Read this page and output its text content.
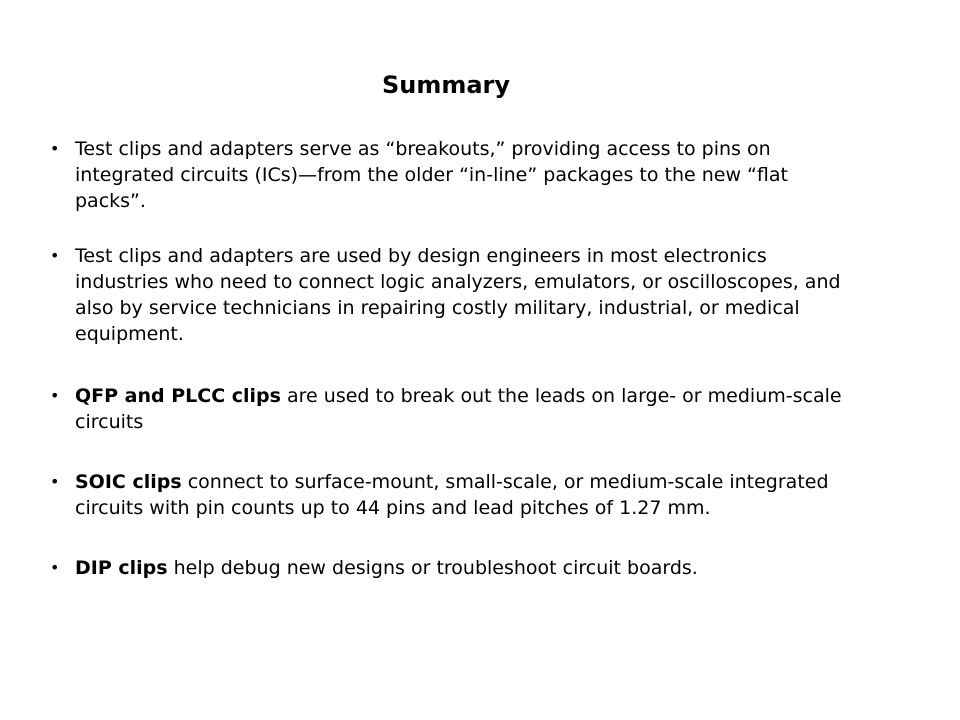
Summary
• Test clips and adapters serve as “breakouts,” providing access to pins on integrated circuits (ICs)—from the older “in-line” packages to the new “flat packs”.
• Test clips and adapters are used by design engineers in most electronics industries who need to connect logic analyzers, emulators, or oscilloscopes, and also by service technicians in repairing costly military, industrial, or medical equipment.
• QFP and PLCC clips are used to break out the leads on large- or medium-scale circuits
• SOIC clips connect to surface-mount, small-scale, or medium-scale integrated circuits with pin counts up to 44 pins and lead pitches of 1.27 mm.
• DIP clips help debug new designs or troubleshoot circuit boards.
